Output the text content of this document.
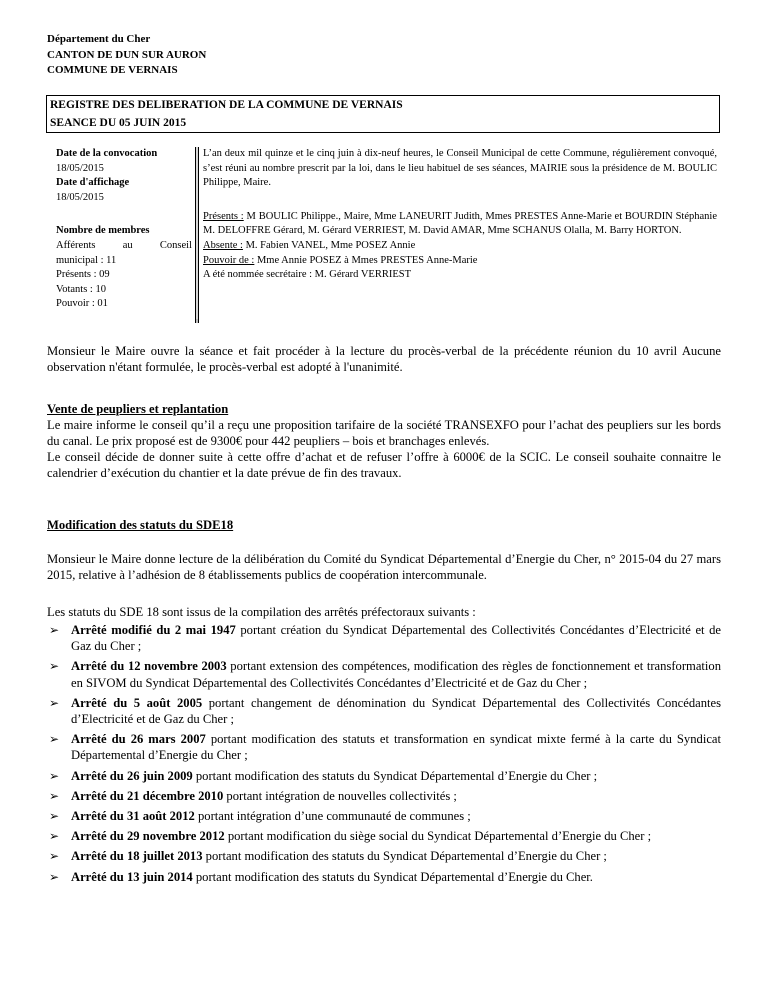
Département du Cher
CANTON DE DUN SUR AURON
COMMUNE DE VERNAIS
REGISTRE DES DELIBERATION DE LA COMMUNE DE VERNAIS
SEANCE DU 05 JUIN 2015
Date de la convocation
18/05/2015
Date d'affichage
18/05/2015
Nombre de membres
Afférents	au	Conseil
municipal : 11
Présents : 09
Votants : 10
Pouvoir : 01
L’an deux mil quinze et le cinq juin à dix-neuf heures, le Conseil Municipal de cette Commune, régulièrement convoqué, s’est réuni au nombre prescrit par la loi, dans le lieu habituel de ses séances, MAIRIE sous la présidence de M. BOULIC Philippe, Maire.
Présents : M BOULIC Philippe., Maire, Mme LANEURIT Judith, Mmes PRESTES Anne-Marie et BOURDIN Stéphanie M. DELOFFRE Gérard, M. Gérard VERRIEST, M. David AMAR, Mme SCHANUS Olalla, M. Barry HORTON.
Absente : M. Fabien VANEL, Mme POSEZ Annie
Pouvoir de : Mme Annie POSEZ à Mmes PRESTES Anne-Marie
A été nommée secrétaire : M. Gérard VERRIEST
Monsieur le Maire ouvre la séance et fait procéder à la lecture du procès-verbal de la précédente réunion du 10 avril Aucune observation n'étant formulée, le procès-verbal est adopté à l'unanimité.
Vente de peupliers et replantation
Le maire informe le conseil qu’il a reçu une proposition tarifaire de la société TRANSEXFO pour l’achat des peupliers sur les bords du canal. Le prix proposé est de 9300€ pour 442 peupliers – bois et branchages enlevés.
Le conseil décide de donner suite à cette offre d’achat et de refuser l’offre à 6000€ de la SCIC. Le conseil souhaite connaitre le calendrier d’exécution du chantier et la date prévue de fin des travaux.
Modification des statuts du SDE18
Monsieur le Maire donne lecture de la délibération du Comité du Syndicat Départemental d’Energie du Cher, n° 2015-04 du 27 mars 2015, relative à l’adhésion de 8 établissements publics de coopération intercommunale.
Les statuts du SDE 18 sont issus de la compilation des arrêtés préfectoraux suivants :
➢ Arrêté modifié du 2 mai 1947 portant création du Syndicat Départemental des Collectivités Concédantes d’Electricité et de Gaz du Cher ;
➢ Arrêté du 12 novembre 2003 portant extension des compétences, modification des règles de fonctionnement et transformation en SIVOM du Syndicat Départemental des Collectivités Concédantes d’Electricité et de Gaz du Cher ;
➢ Arrêté du 5 août 2005 portant changement de dénomination du Syndicat Départemental des Collectivités Concédantes d’Electricité et de Gaz du Cher ;
➢ Arrêté du 26 mars 2007 portant modification des statuts et transformation en syndicat mixte fermé à la carte du Syndicat Départemental d’Energie du Cher ;
➢ Arrêté du 26 juin 2009 portant modification des statuts du Syndicat Départemental d’Energie du Cher ;
➢ Arrêté du 21 décembre 2010 portant intégration de nouvelles collectivités ;
➢ Arrêté du 31 août 2012 portant intégration d’une communauté de communes ;
➢ Arrêté du 29 novembre 2012 portant modification du siège social du Syndicat Départemental d’Energie du Cher ;
➢ Arrêté du 18 juillet 2013 portant modification des statuts du Syndicat Départemental d’Energie du Cher ;
➢ Arrêté du 13 juin 2014 portant modification des statuts du Syndicat Départemental d’Energie du Cher.
